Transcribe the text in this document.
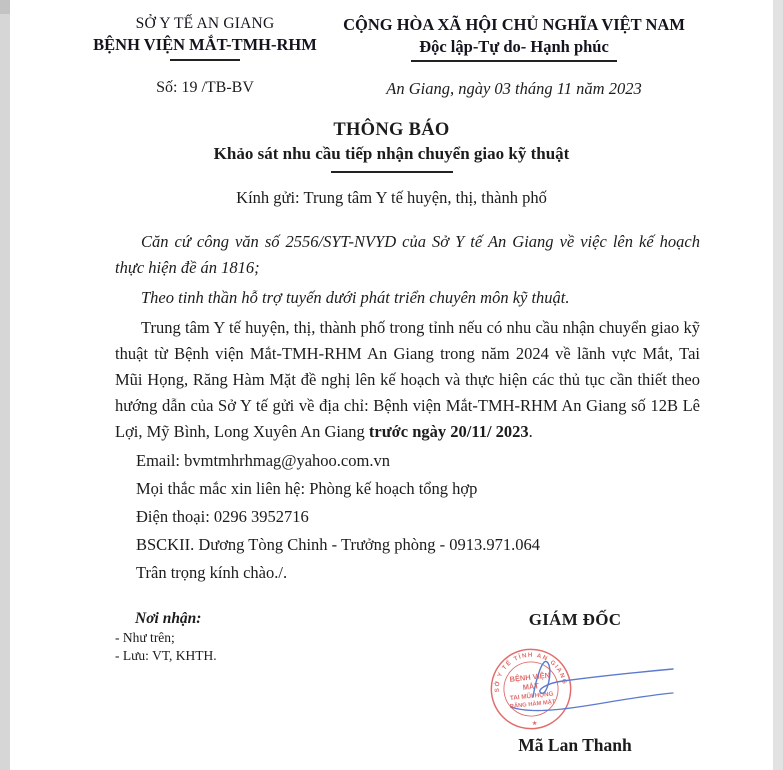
SỞ Y TẾ AN GIANG
BỆNH VIỆN MẮT-TMH-RHM
CỘNG HÒA XÃ HỘI CHỦ NGHĨA VIỆT NAM
Độc lập-Tự do- Hạnh phúc
Số: 19 /TB-BV	An Giang, ngày 03 tháng 11 năm 2023
THÔNG BÁO
Khảo sát nhu cầu tiếp nhận chuyển giao kỹ thuật
Kính gửi: Trung tâm Y tế huyện, thị, thành phố

Căn cứ công văn số 2556/SYT-NVYD của Sở Y tế An Giang về việc lên kế hoạch thực hiện đề án 1816;

Theo tinh thần hỗ trợ tuyến dưới phát triển chuyên môn kỹ thuật.

Trung tâm Y tế huyện, thị, thành phố trong tỉnh nếu có nhu cầu nhận chuyển giao kỹ thuật từ Bệnh viện Mắt-TMH-RHM An Giang trong năm 2024 về lãnh vực Mắt, Tai Mũi Họng, Răng Hàm Mặt đề nghị lên kế hoạch và thực hiện các thủ tục cần thiết theo hướng dẫn của Sở Y tế gửi về địa chỉ: Bệnh viện Mắt-TMH-RHM An Giang số 12B Lê Lợi, Mỹ Bình, Long Xuyên An Giang trước ngày 20/11/ 2023.

Email: bvmtmhrhmag@yahoo.com.vn

Mọi thắc mắc xin liên hệ: Phòng kế hoạch tổng hợp

Điện thoại: 0296 3952716

BSCKII. Dương Tòng Chinh - Trưởng phòng - 0913.971.064

Trân trọng kính chào./.

Nơi nhận:
- Như trên;
- Lưu: VT, KHTH.
GIÁM ĐỐC
SỞ Y TẾ TỈNH AN GIANG
BỆNH VIỆN
MẮT
TAI MŨI HỌNG
RĂNG HÀM MẶT
★
Mã Lan Thanh
